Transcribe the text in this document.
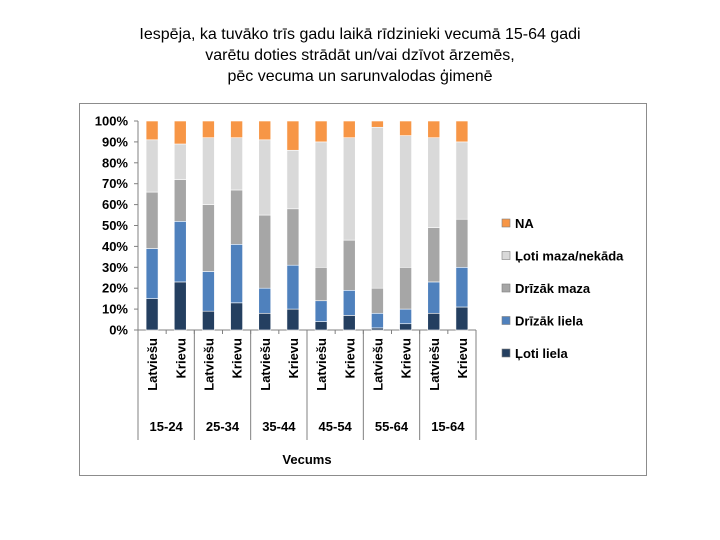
Iespēja, ka tuvāko trīs gadu laikā rīdzinieki vecumā 15-64 gadi
varētu doties strādāt un/vai dzīvot ārzemēs,
pēc vecuma un sarunvalodas ģimenē
0%
10%
20%
30%
40%
50%
60%
70%
80%
90%
100%
Latviešu Krievu Latviešu Krievu Latviešu Krievu Latviešu Krievu Latviešu Krievu Latviešu Krievu
15-24 25-34 35-44 45-54 55-64 15-64
Vecums
NA
Ļoti maza/nekāda
Drīzāk maza
Drīzāk liela
Ļoti liela
